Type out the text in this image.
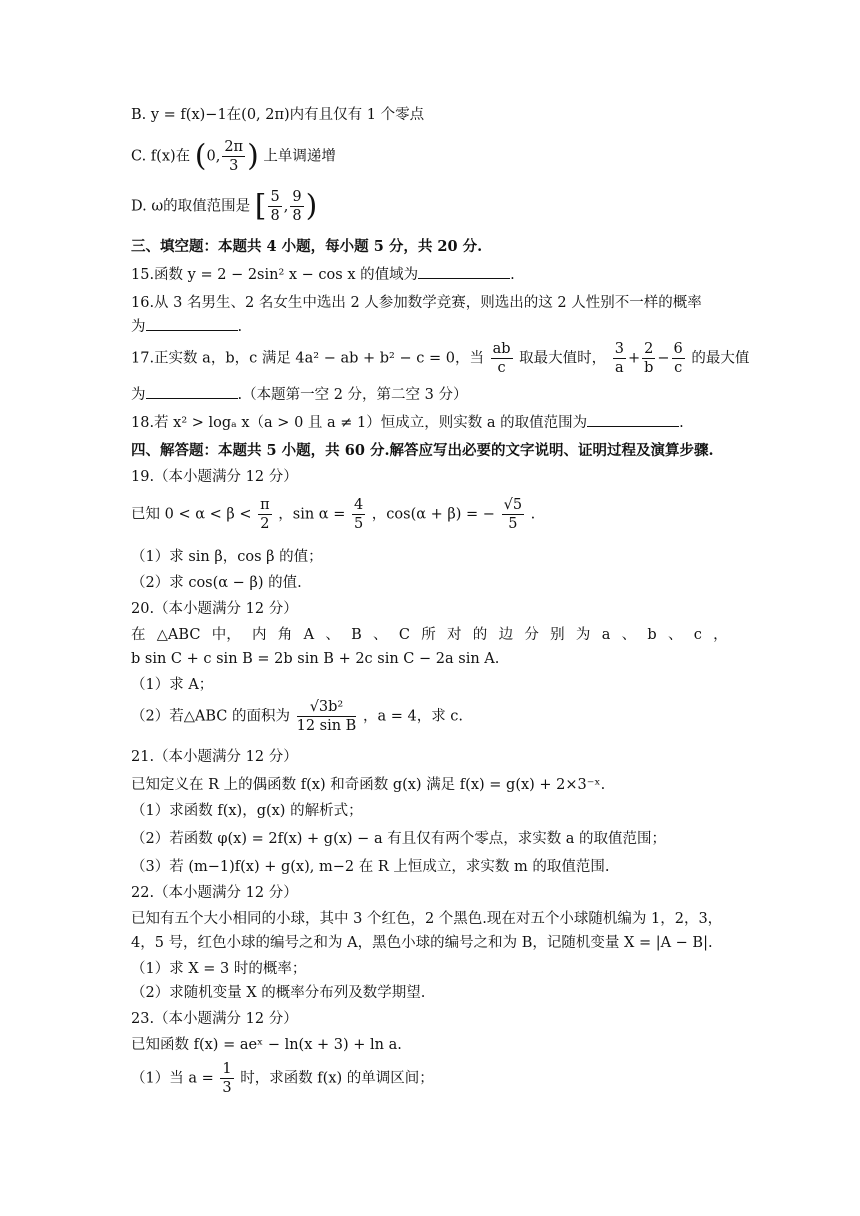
B. y = f(x)−1在(0, 2π)内有且仅有 1 个零点
C. f(x)在 (0, $\frac{2\pi}{3}$ ) 上单调递增
D. ω的取值范围是 [ $\frac{5}{8}$ , $\frac{9}{8}$ )
三、填空题：本题共 4 小题，每小题 5 分，共 20 分.
15.函数 y = 2 − 2sin² x − cos x 的值域为	.
16.从 3 名男生、2 名女生中选出 2 人参加数学竞赛，则选出的这 2 人性别不一样的概率
为	.
17.正实数 a，b，c 满足 4a² − ab + b² − c = 0，当 $\frac{ab}{c}$ 取最大值时， $\frac{3}{a} + \frac{2}{b} - \frac{6}{c}$ 的最大值
为	.（本题第一空 2 分，第二空 3 分）
18.若 x² > logₐ x（a > 0 且 a ≠ 1）恒成立，则实数 a 的取值范围为	.
四、解答题：本题共 5 小题，共 60 分.解答应写出必要的文字说明、证明过程及演算步骤.
19.（本小题满分 12 分）
已知 $0 < \alpha < \beta < \frac{\pi}{2}$ ，$\sin \alpha = \frac{4}{5}$ ，cos(α + β) = − $\frac{√5}{5}$ .
（1）求 sin β，cos β 的值；
（2）求 cos(α − β) 的值.
20.（本小题满分 12 分）
在 △ABC 中， 内 角 A 、 B 、 C 所 对 的 边 分 别 为 a 、 b 、 c ，
b sin C + c sin B = 2b sin B + 2c sin C − 2a sin A.
（1）求 A；
（2）若△ABC 的面积为 $\frac{\text{√3b²}}{\text{12 sin B}}$ ，a = 4，求 c.
21.（本小题满分 12 分）
已知定义在 R 上的偶函数 f(x) 和奇函数 g(x) 满足 f(x) = g(x) + 2×3⁻ˣ.
（1）求函数 f(x)，g(x) 的解析式；
（2）若函数 φ(x) = 2f(x) + g(x) − a 有且仅有两个零点，求实数 a 的取值范围；
（3）若 (m−1)f(x) + g(x), m−2 在 R 上恒成立，求实数 m 的取值范围.
22.（本小题满分 12 分）
已知有五个大小相同的小球，其中 3 个红色，2 个黑色.现在对五个小球随机编为 1，2，3，
4，5 号，红色小球的编号之和为 A，黑色小球的编号之和为 B，记随机变量 X = |A − B|.
（1）求 X = 3 时的概率；
（2）求随机变量 X 的概率分布列及数学期望.
23.（本小题满分 12 分）
已知函数 f(x) = aeˣ − ln(x + 3) + ln a.
（1）当 $a = \frac{1}{3}$ 时，求函数 f(x) 的单调区间；
